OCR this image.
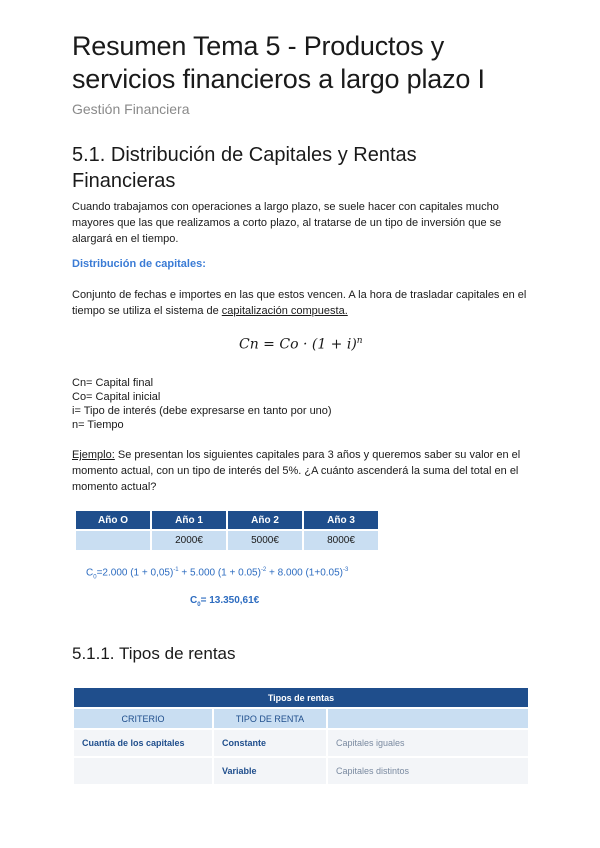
Resumen Tema 5 - Productos y servicios financieros a largo plazo I
Gestión Financiera
5.1. Distribución de Capitales y Rentas Financieras
Cuando trabajamos con operaciones a largo plazo, se suele hacer con capitales mucho mayores que las que realizamos a corto plazo, al tratarse de un tipo de inversión que se alargará en el tiempo.
Distribución de capitales:
Conjunto de fechas e importes en las que estos vencen. A la hora de trasladar capitales en el tiempo se utiliza el sistema de capitalización compuesta.
$Cn = Co \cdot (1 + i)^n$
Cn= Capital final
Co= Capital inicial
i= Tipo de interés (debe expresarse en tanto por uno)
n= Tiempo
Ejemplo: Se presentan los siguientes capitales para 3 años y queremos saber su valor en el momento actual, con un tipo de interés del 5%. ¿A cuánto ascenderá la suma del total en el momento actual?
Año O	Año 1	Año 2	Año 3
	2000€	5000€	8000€
$C_0=2.000$ $(1 + 0,05)^{-1} + 5.000$ $(1 + 0.05)^{-2} + 8.000$ $(1+0.05)^{-3}$
$C_0=$ 13.350,61€
5.1.1. Tipos de rentas
Tipos de rentas		
CRITERIO	TIPO DE RENTA	
Cuantía de los capitales	Constante	Capitales iguales
	Variable	Capitales distintos
